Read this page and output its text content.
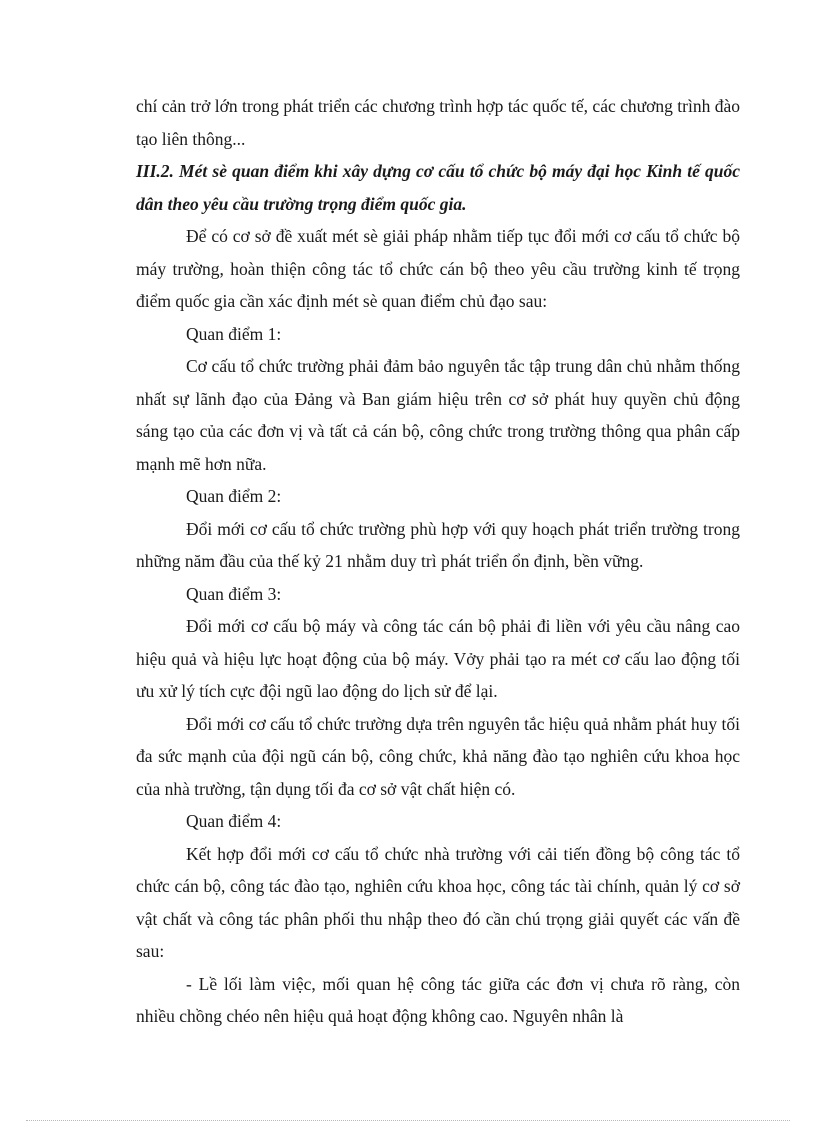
chí cản trở lớn trong phát triển các chương trình hợp tác quốc tế, các chương trình đào tạo liên thông...

III.2. Mét sè quan điểm khi xây dựng cơ cấu tổ chức bộ máy đại học Kinh tế quốc dân theo yêu cầu trường trọng điểm quốc gia.

Để có cơ sở đề xuất mét sè giải pháp nhằm tiếp tục đổi mới cơ cấu tổ chức bộ máy trường, hoàn thiện công tác tổ chức cán bộ theo yêu cầu trường kinh tế trọng điểm quốc gia cần xác định mét sè quan điểm chủ đạo sau:

Quan điểm 1:

Cơ cấu tổ chức trường phải đảm bảo nguyên tắc tập trung dân chủ nhằm thống nhất sự lãnh đạo của Đảng và Ban giám hiệu trên cơ sở phát huy quyền chủ động sáng tạo của các đơn vị và tất cả cán bộ, công chức trong trường thông qua phân cấp mạnh mẽ hơn nữa.

Quan điểm 2:

Đổi mới cơ cấu tổ chức trường phù hợp với quy hoạch phát triển trường trong những năm đầu của thế kỷ 21 nhằm duy trì phát triển ổn định, bền vững.

Quan điểm 3:

Đổi mới cơ cấu bộ máy và công tác cán bộ phải đi liền với yêu cầu nâng cao hiệu quả và hiệu lực hoạt động của bộ máy. Vởy phải tạo ra mét cơ cấu lao động tối ưu xử lý tích cực đội ngũ lao động do lịch sử để lại.

Đổi mới cơ cấu tổ chức trường dựa trên nguyên tắc hiệu quả nhằm phát huy tối đa sức mạnh của đội ngũ cán bộ, công chức, khả năng đào tạo nghiên cứu khoa học của nhà trường, tận dụng tối đa cơ sở vật chất hiện có.

Quan điểm 4:

Kết hợp đổi mới cơ cấu tổ chức nhà trường với cải tiến đồng bộ công tác tổ chức cán bộ, công tác đào tạo, nghiên cứu khoa học, công tác tài chính, quản lý cơ sở vật chất và công tác phân phối thu nhập theo đó cần chú trọng giải quyết các vấn đề sau:

- Lề lối làm việc, mối quan hệ công tác giữa các đơn vị chưa rõ ràng, còn nhiều chồng chéo nên hiệu quả hoạt động không cao. Nguyên nhân là
